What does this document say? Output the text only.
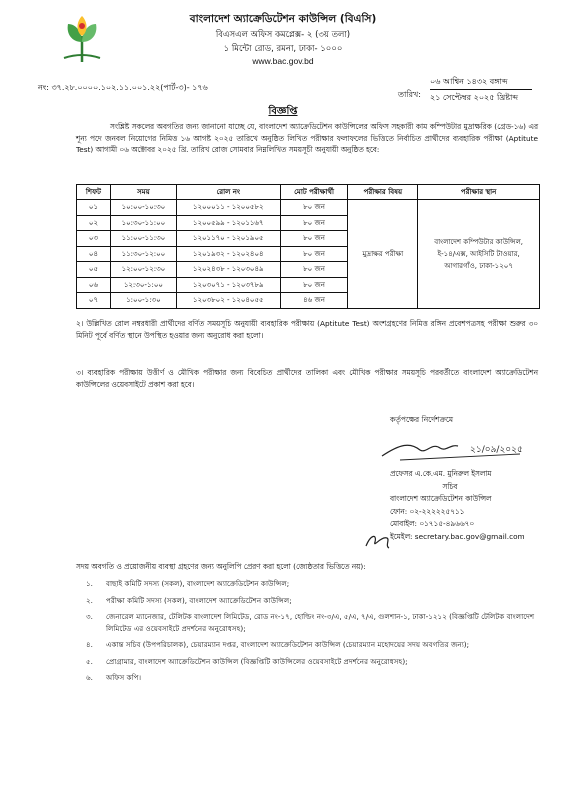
বাংলাদেশ অ্যাক্রেডিটেশন কাউন্সিল (বিএসি)
বিএসএল অফিস কমপ্লেক্স- ২ (৩য় তলা)
১ মিন্টো রোড, রমনা, ঢাকা- ১০০০
www.bac.gov.bd
নং: ৩৭.২৮.০০০০.১০২.১১.০০১.২২(পার্ট-৩)- ১৭৬
তারিখ:
০৬ আশ্বিন ১৪৩২ বঙ্গাব্দ
২১ সেপ্টেম্বর ২০২৫ খ্রিষ্টাব্দ
বিজ্ঞপ্তি
সংশ্লিষ্ট সকলের অবগতির জন্য জানানো যাচ্ছে যে, বাংলাদেশ অ্যাক্রেডিটেশন কাউন্সিলের অফিস সহকারী কাম কম্পিউটার মুদ্রাক্ষরিক (গ্রেড-১৬) এর শূন্য পদে জনবল নিয়োগের নিমিত্ত ১৬ আগষ্ট ২০২৫ তারিখে অনুষ্ঠিত লিখিত পরীক্ষার ফলাফলের ভিত্তিতে নির্বাচিত প্রার্থীদের ব্যবহারিক পরীক্ষা (Aptitute Test) আগামী ০৬ অক্টোবর ২০২৫ খ্রি. তারিখ রোজ সোমবার নিম্নলিখিত সময়সূচী অনুযায়ী অনুষ্ঠিত হবে:
শিফট	সময়	রোল নং	মোট পরীক্ষার্থী	পরীক্ষার বিষয়	পরীক্ষার স্থান
০১	১০:০০-১০:৩০	১২০০০১১ - ১২০০৫৮২	৮০ জন	মুদ্রাক্ষর পরীক্ষা	বাংলাদেশ কম্পিউটার কাউন্সিল,
ই-১৪/এক্স, আইসিটি টাওয়ার,
আগারগাঁও, ঢাকা-১২০৭

০২	১০:৩০-১১:০০	১২০০৫৯৯ - ১২০১১৬৭	৮০ জন		
০৩	১১:০০-১১:৩০	১২০১১৭০ - ১২০১৯০৫	৮০ জন		
০৪	১১:৩০-১২:০০	১২০১৯৩২ - ১২০২৪০৪	৮০ জন		
০৫	১২:০০-১২:৩০	১২০২৪৩৮ - ১২০৩০৪৯	৮০ জন		
০৬	১২:৩০-১:০০	১২০৩০৭১ - ১২০৩৭৮৯	৮০ জন		
০৭	১:০০-১:৩০	১২০৩৮০২ - ১২০৪০৫৫	৪৬ জন		
২। উল্লিখিত রোল নম্বরধারী প্রার্থীদের বর্ণিত সময়সূচি অনুযায়ী ব্যবহারিক পরীক্ষায় (Aptitute Test) অংশগ্রহণের নিমিত্ত রঙ্গিন প্রবেশপত্রসহ পরীক্ষা শুরুর ৩০ মিনিট পূর্বে বর্ণিত স্থানে উপস্থিত হওয়ার জন্য অনুরোধ করা হলো।
৩। ব্যবহারিক পরীক্ষায় উত্তীর্ণ ও মৌখিক পরীক্ষার জন্য বিবেচিত প্রার্থীদের তালিকা এবং মৌখিক পরীক্ষার সময়সূচি পরবর্তীতে বাংলাদেশ অ্যাক্রেডিটেশন কাউন্সিলের ওয়েবসাইটে প্রকাশ করা হবে।
কর্তৃপক্ষের নির্দেশক্রমে
২১/০৯/২০২৫
প্রফেসর এ.কে.এম. মুনিরুল ইসলাম
সচিব
বাংলাদেশ অ্যাক্রেডিটেশন কাউন্সিল
ফোন: ০২-২২২২২৫৭১১
মোবাইল: ০১৭১৫-৪৯৬৬৭০
ইমেইল: secretary.bac.gov@gmail.com
সদয় অবগতি ও প্রয়োজনীয় ব্যবস্থা গ্রহণের জন্য অনুলিপি প্রেরণ করা হলো (জ্যেষ্ঠতার ভিত্তিতে নয়):
১. বাছাই কমিটি সদস্য (সকল), বাংলাদেশ অ্যাক্রেডিটেশন কাউন্সিল;
২. পরীক্ষা কমিটি সদস্য (সকল), বাংলাদেশ অ্যাক্রেডিটেশন কাউন্সিল;
৩. জেনারেল ম্যানেজার, টেলিটক বাংলাদেশ লিমিটেড, রোড নং-১৭, হোল্ডিং নং-৩/এ, ৫/এ, ৭/এ, গুলশান-১, ঢাকা-১২১২ (বিজ্ঞপ্তিটি টেলিটক বাংলাদেশ লিমিটেড এর ওয়েবসাইটে প্রদর্শনের অনুরোধসহ);
৪. একান্ত সচিব (উপপরিচালক), চেয়ারম্যান দপ্তর, বাংলাদেশ অ্যাক্রেডিটেশন কাউন্সিল (চেয়ারম্যান মহোদয়ের সদয় অবগতির জন্য);
৫. প্রোগ্রামার, বাংলাদেশ অ্যাক্রেডিটেশন কাউন্সিল (বিজ্ঞপ্তিটি কাউন্সিলের ওয়েবসাইটে প্রদর্শনের অনুরোধসহ);
৬. অফিস কপি।
